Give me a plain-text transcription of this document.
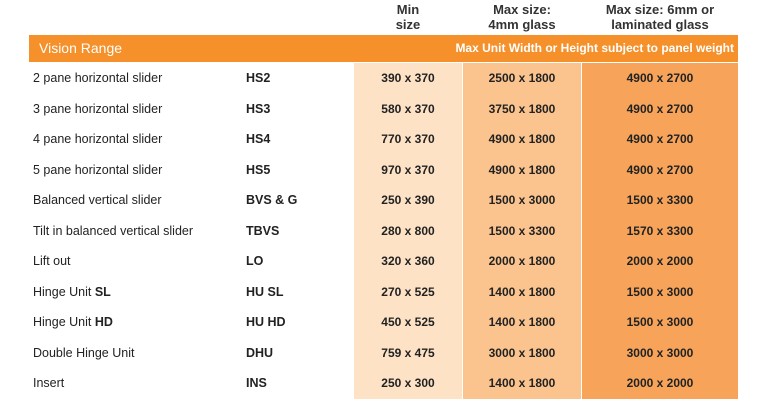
Min
size
Max size:
4mm glass
Max size: 6mm or
laminated glass
Vision Range	Max Unit Width or Height subject to panel weight
2 pane horizontal slider	HS2	390 x 370	2500 x 1800	4900 x 2700
3 pane horizontal slider	HS3	580 x 370	3750 x 1800	4900 x 2700
4 pane horizontal slider	HS4	770 x 370	4900 x 1800	4900 x 2700
5 pane horizontal slider	HS5	970 x 370	4900 x 1800	4900 x 2700
Balanced vertical slider	BVS & G	250 x 390	1500 x 3000	1500 x 3300
Tilt in balanced vertical slider	TBVS	280 x 800	1500 x 3300	1570 x 3300
Lift out	LO	320 x 360	2000 x 1800	2000 x 2000
Hinge Unit SL	HU SL	270 x 525	1400 x 1800	1500 x 3000
Hinge Unit HD	HU HD	450 x 525	1400 x 1800	1500 x 3000
Double Hinge Unit	DHU	759 x 475	3000 x 1800	3000 x 3000
Insert	INS	250 x 300	1400 x 1800	2000 x 2000
